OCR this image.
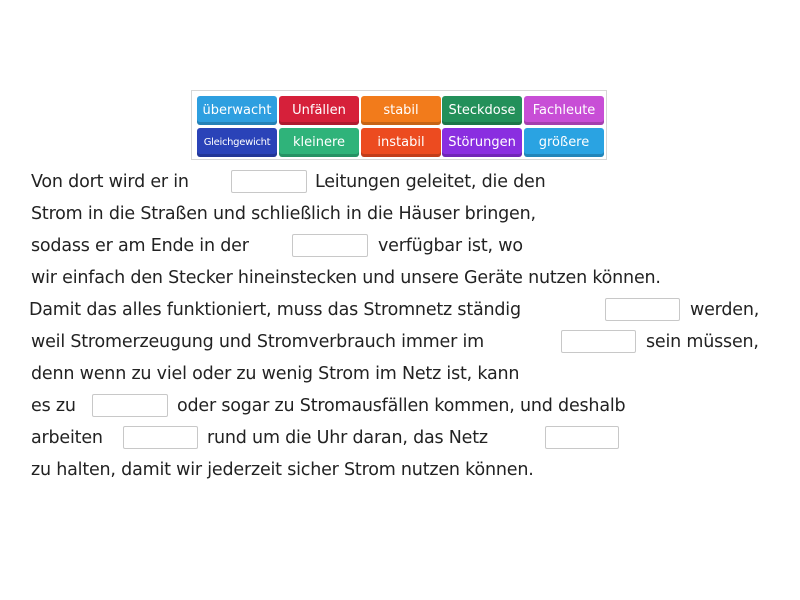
überwacht	Unfällen	stabil	Steckdose	Fachleute
Gleichgewicht	kleinere	instabil	Störungen	größere
Von dort wird er in	Leitungen geleitet, die den
Strom in die Straßen und schließlich in die Häuser bringen,
sodass er am Ende in der	verfügbar ist, wo
wir einfach den Stecker hineinstecken und unsere Geräte nutzen können.
Damit das alles funktioniert, muss das Stromnetz ständig	werden,
weil Stromerzeugung und Stromverbrauch immer im	sein müssen,
denn wenn zu viel oder zu wenig Strom im Netz ist, kann
es zu	oder sogar zu Stromausfällen kommen, und deshalb
arbeiten	rund um die Uhr daran, das Netz
zu halten, damit wir jederzeit sicher Strom nutzen können.
